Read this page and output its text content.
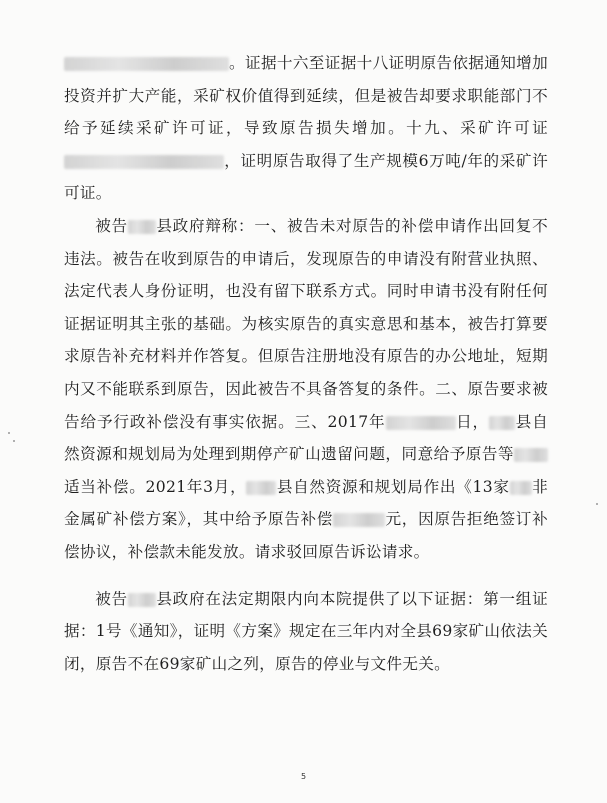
。证据十六至证据十八证明原告依据通知增加投资并扩大产能，采矿权价值得到延续，但是被告却要求职能部门不给予延续采矿许可证，导致原告损失增加。十九、采矿许可证，证明原告取得了生产规模6万吨/年的采矿许可证。

被告 县政府辩称：一、被告未对原告的补偿申请作出回复不违法。被告在收到原告的申请后，发现原告的申请没有附营业执照、法定代表人身份证明，也没有留下联系方式。同时申请书没有附任何证据证明其主张的基础。为核实原告的真实意思和基本，被告打算要求原告补充材料并作答复。但原告注册地没有原告的办公地址，短期内又不能联系到原告，因此被告不具备答复的条件。二、原告要求被告给予行政补偿没有事实依据。三、2017年	日， 县自然资源和规划局为处理到期停产矿山遗留问题，同意给予原告等适当补偿。2021年3月， 县自然资源和规划局作出《13家 非金属矿补偿方案》，其中给予原告补偿	元，因原告拒绝签订补偿协议，补偿款未能发放。请求驳回原告诉讼请求。

被告 县政府在法定期限内向本院提供了以下证据：第一组证据：1号《通知》，证明《方案》规定在三年内对全县69家矿山依法关闭，原告不在69家矿山之列，原告的停业与文件无关。

5
